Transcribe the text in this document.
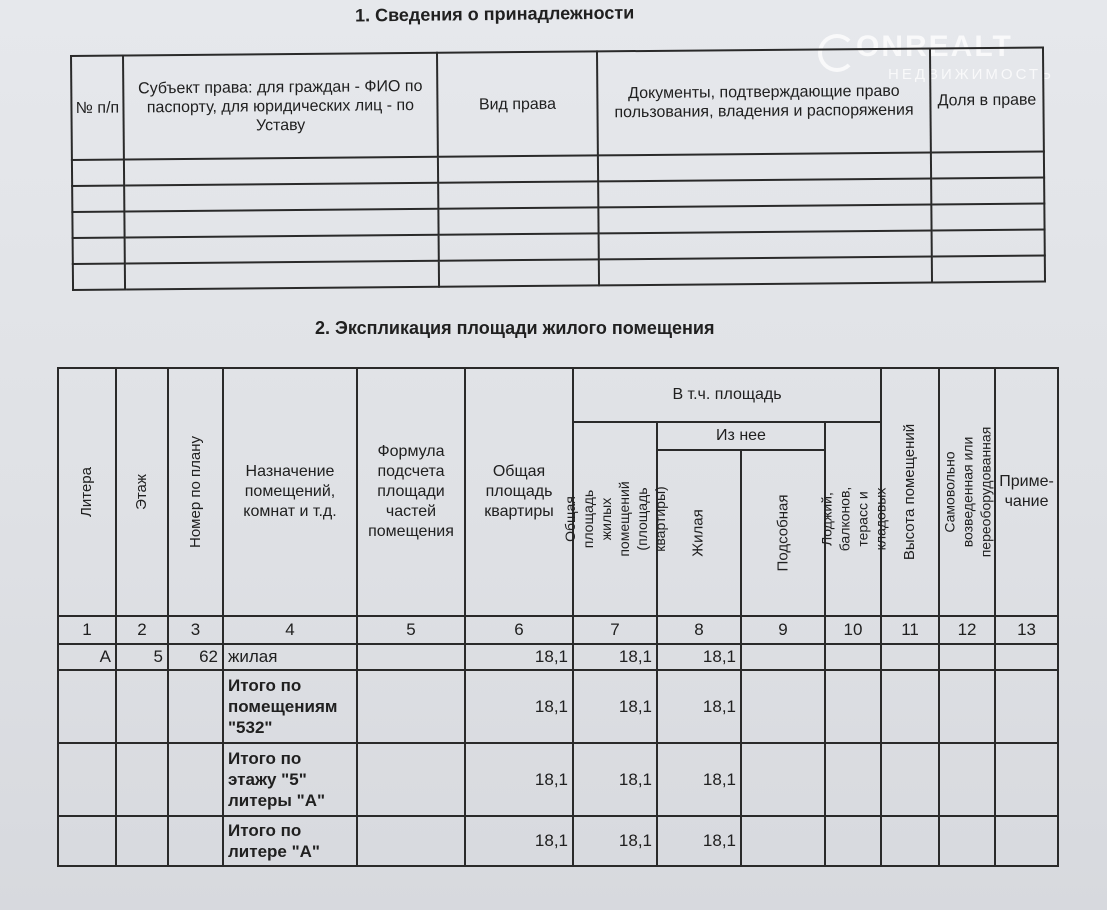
ONREALT
НЕДВИЖИМОСТЬ
1. Сведения о принадлежности
№ п/п	Субъект права: для граждан - ФИО по паспорту, для юридических лиц - по Уставу	Вид права	Документы, подтверждающие право пользования, владения и распоряжения	Доля в праве

2. Экспликация площади жилого помещения
Литера	Этаж	Номер по плану	Назначение помещений, комнат и т.д.	Формула подсчета площади частей помещения	Общая площадь квартиры	В т.ч. площадь				Высота помещений	Самовольно возведенная или переоборудованная	Приме-чание

						Общая площадь жилых помещений (площадь квартиры)	Из нее		Лоджий, балконов, терасс и кладовых			

							Жилая	Подсобная				

1	2	3	4	5	6	7	8	9	10	11	12	13
А	5	62	жилая		18,1	18,1	18,1					
			Итого по помещениям "532"		18,1	18,1	18,1					
			Итого по этажу "5" литеры "А"		18,1	18,1	18,1					
			Итого по литере "А"		18,1	18,1	18,1					
